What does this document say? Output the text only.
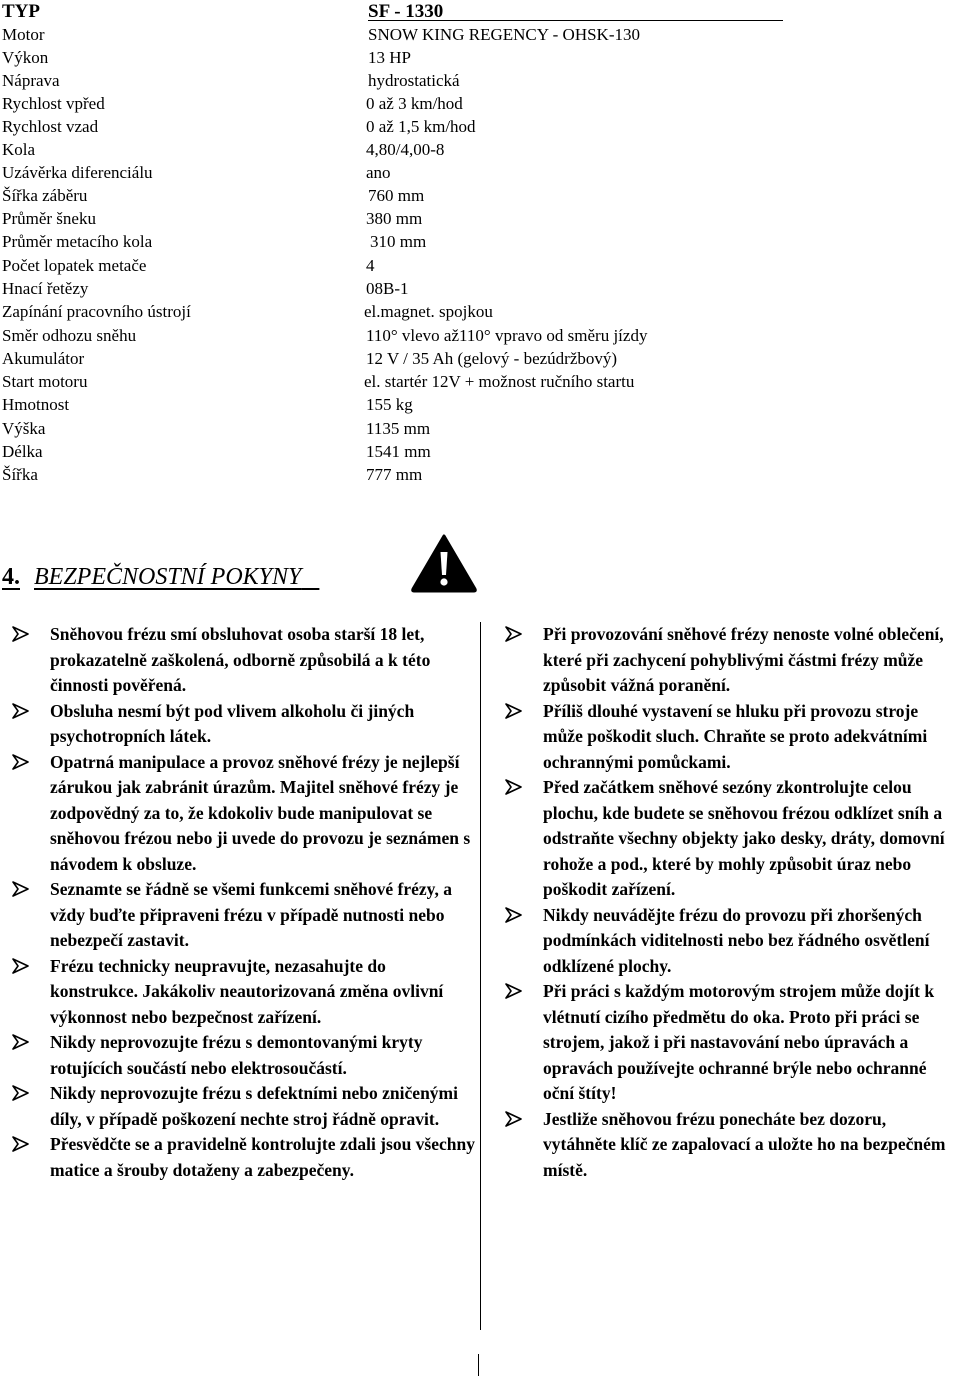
TYP	SF - 1330
Motor	SNOW KING REGENCY - OHSK-130
Výkon	13 HP
Náprava	hydrostatická
Rychlost vpřed	0 až 3 km/hod
Rychlost vzad	0 až 1,5 km/hod
Kola	4,80/4,00-8
Uzávěrka diferenciálu	ano
Šířka záběru	760 mm
Průměr šneku	380 mm
Průměr metacího kola	310 mm
Počet lopatek metače	4
Hnací řetězy	08B-1
Zapínání pracovního ústrojí	el.magnet. spojkou
Směr odhozu sněhu	110° vlevo až110° vpravo od směru jízdy
Akumulátor	12 V / 35 Ah (gelový - bezúdržbový)
Start motoru	el. startér 12V + možnost ručního startu
Hmotnost	155 kg
Výška	1135 mm
Délka	1541 mm
Šířka	777 mm
4. BEZPEČNOSTNÍ POKYNY

Sněhovou frézu smí obsluhovat osoba starší 18 let, prokazatelně zaškolená, odborně způsobilá a k této činnosti pověřená.

Obsluha nesmí být pod vlivem alkoholu či jiných psychotropních látek.

Opatrná manipulace a provoz sněhové frézy je nejlepší zárukou jak zabránit úrazům. Majitel sněhové frézy je zodpovědný za to, že kdokoliv bude manipulovat se sněhovou frézou nebo ji uvede do provozu je seznámen s návodem k obsluze.

Seznamte se řádně se všemi funkcemi sněhové frézy, a vždy buďte připraveni frézu v případě nutnosti nebo nebezpečí zastavit.

Frézu technicky neupravujte, nezasahujte do konstrukce. Jakákoliv neautorizovaná změna ovlivní výkonnost nebo bezpečnost zařízení.

Nikdy neprovozujte frézu s demontovanými kryty rotujících součástí nebo elektrosoučástí.

Nikdy neprovozujte frézu s defektními nebo zničenými díly, v případě poškození nechte stroj řádně opravit.

Přesvědčte se a pravidelně kontrolujte zdali jsou všechny matice a šrouby dotaženy a zabezpečeny.

Při provozování sněhové frézy nenoste volné oblečení, které při zachycení pohyblivými částmi frézy může způsobit vážná poranění.

Příliš dlouhé vystavení se hluku při provozu stroje může poškodit sluch. Chraňte se proto adekvátními ochrannými pomůckami.

Před začátkem sněhové sezóny zkontrolujte celou plochu, kde budete se sněhovou frézou odklízet sníh a odstraňte všechny objekty jako desky, dráty, domovní rohože a pod., které by mohly způsobit úraz nebo poškodit zařízení.

Nikdy neuvádějte frézu do provozu při zhoršených podmínkách viditelnosti nebo bez řádného osvětlení odklízené plochy.

Při práci s každým motorovým strojem může dojít k vlétnutí cizího předmětu do oka. Proto při práci se strojem, jakož i při nastavování nebo úpravách a opravách používejte ochranné brýle nebo ochranné oční štíty!

Jestliže sněhovou frézu ponecháte bez dozoru, vytáhněte klíč ze zapalovací a uložte ho na bezpečném místě.
